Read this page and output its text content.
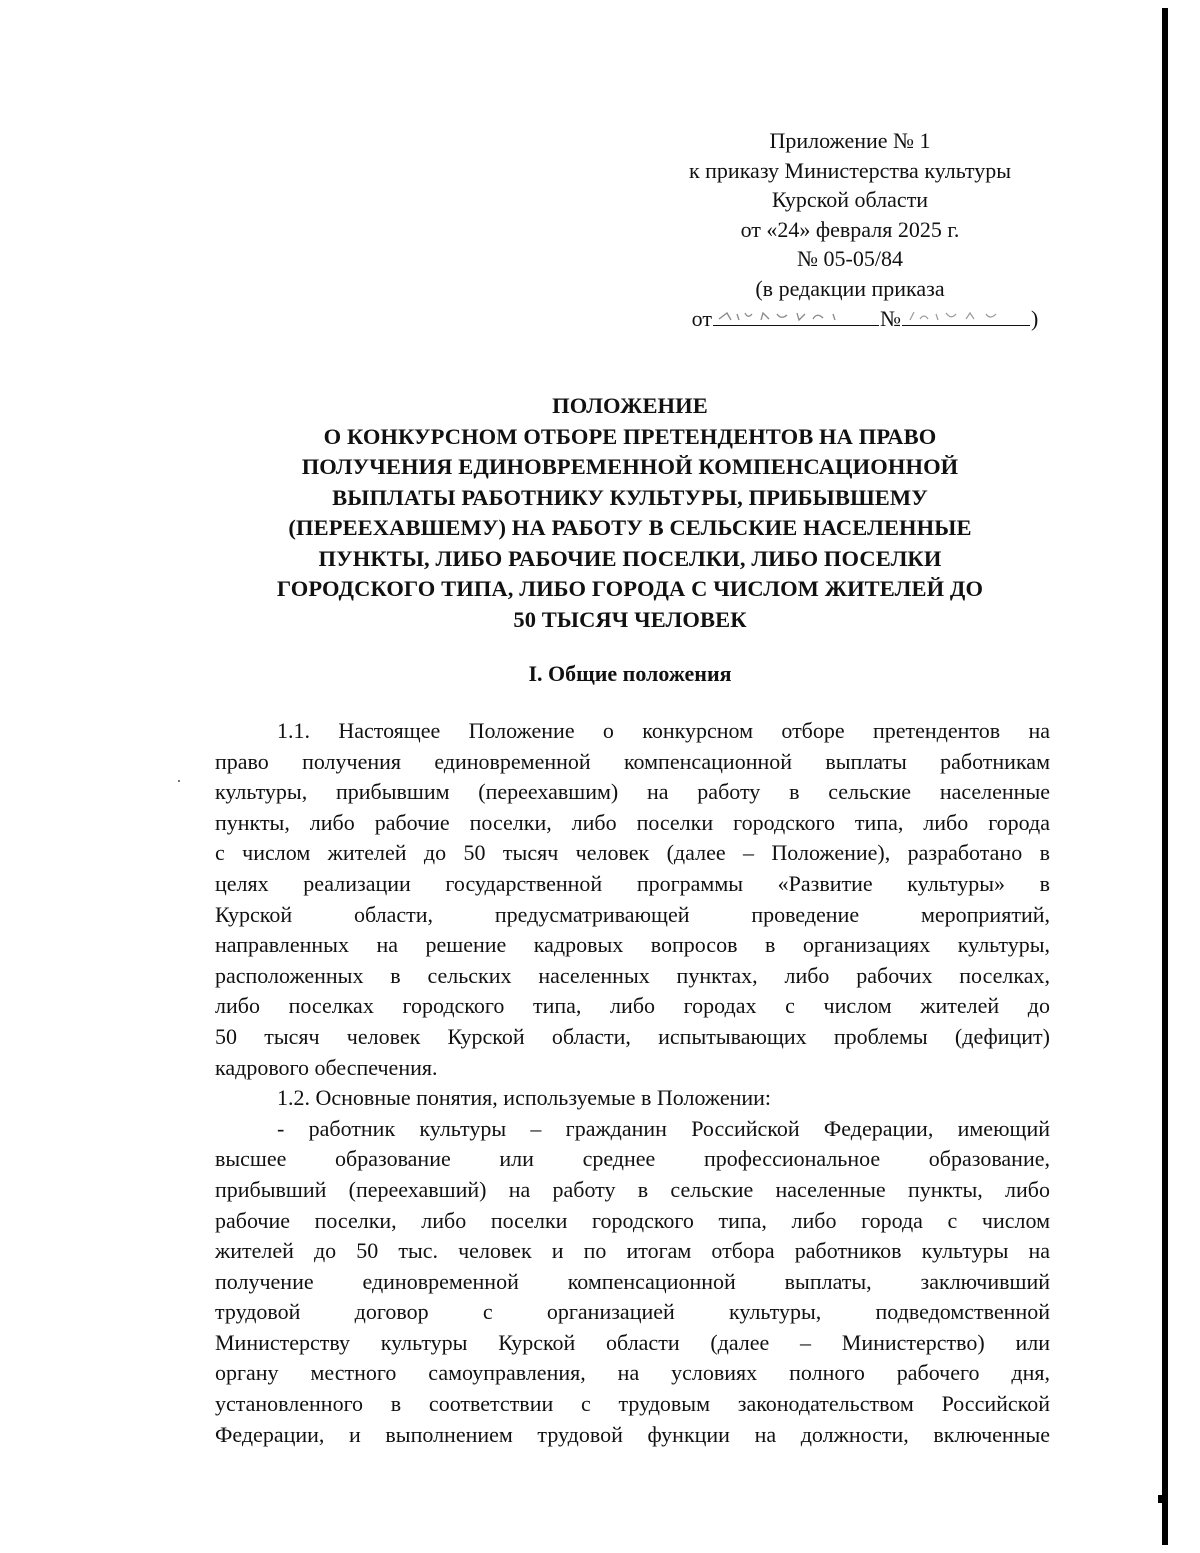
Приложение № 1
к приказу Министерства культуры
Курской области
от «24» февраля 2025 г.
№ 05-05/84
(в редакции приказа
от	№	)
ПОЛОЖЕНИЕ
О КОНКУРСНОМ ОТБОРЕ ПРЕТЕНДЕНТОВ НА ПРАВО
ПОЛУЧЕНИЯ ЕДИНОВРЕМЕННОЙ КОМПЕНСАЦИОННОЙ
ВЫПЛАТЫ РАБОТНИКУ КУЛЬТУРЫ, ПРИБЫВШЕМУ
(ПЕРЕЕХАВШЕМУ) НА РАБОТУ В СЕЛЬСКИЕ НАСЕЛЕННЫЕ
ПУНКТЫ, ЛИБО РАБОЧИЕ ПОСЕЛКИ, ЛИБО ПОСЕЛКИ
ГОРОДСКОГО ТИПА, ЛИБО ГОРОДА С ЧИСЛОМ ЖИТЕЛЕЙ ДО
50 ТЫСЯЧ ЧЕЛОВЕК
I. Общие положения
1.1. Настоящее Положение о конкурсном отборе претендентов на
право получения единовременной компенсационной выплаты работникам
культуры, прибывшим (переехавшим) на работу в сельские населенные
пункты, либо рабочие поселки, либо поселки городского типа, либо города
с числом жителей до 50 тысяч человек (далее – Положение), разработано в
целях реализации государственной программы «Развитие культуры» в
Курской области, предусматривающей проведение мероприятий,
направленных на решение кадровых вопросов в организациях культуры,
расположенных в сельских населенных пунктах, либо рабочих поселках,
либо поселках городского типа, либо городах с числом жителей до
50 тысяч человек Курской области, испытывающих проблемы (дефицит)
кадрового обеспечения.
1.2. Основные понятия, используемые в Положении:
- работник культуры – гражданин Российской Федерации, имеющий
высшее образование или среднее профессиональное образование,
прибывший (переехавший) на работу в сельские населенные пункты, либо
рабочие поселки, либо поселки городского типа, либо города с числом
жителей до 50 тыс. человек и по итогам отбора работников культуры на
получение единовременной компенсационной выплаты, заключивший
трудовой договор с организацией культуры, подведомственной
Министерству культуры Курской области (далее – Министерство) или
органу местного самоуправления, на условиях полного рабочего дня,
установленного в соответствии с трудовым законодательством Российской
Федерации, и выполнением трудовой функции на должности, включенные
